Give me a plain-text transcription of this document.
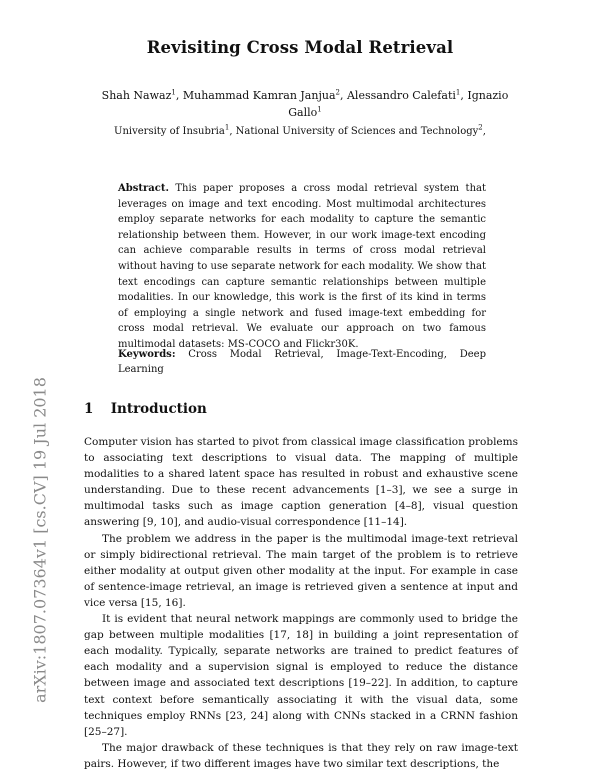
arXiv:1807.07364v1 [cs.CV] 19 Jul 2018
Revisiting Cross Modal Retrieval
Shah Nawaz$^1$, Muhammad Kamran Janjua$^2$, Alessandro Calefati$^1$, Ignazio Gallo$^1$
University of Insubria$^1$, National University of Sciences and Technology$^2$,
Abstract. This paper proposes a cross modal retrieval system that leverages on image and text encoding. Most multimodal architectures employ separate networks for each modality to capture the semantic relationship between them. However, in our work image-text encoding can achieve comparable results in terms of cross modal retrieval without having to use separate network for each modality. We show that text encodings can capture semantic relationships between multiple modalities. In our knowledge, this work is the first of its kind in terms of employing a single network and fused image-text embedding for cross modal retrieval. We evaluate our approach on two famous multimodal datasets: MS-COCO and Flickr30K.
Keywords: Cross Modal Retrieval, Image-Text-Encoding, Deep Learning
1 Introduction

Computer vision has started to pivot from classical image classification problems to associating text descriptions to visual data. The mapping of multiple modalities to a shared latent space has resulted in robust and exhaustive scene understanding. Due to these recent advancements [1–3], we see a surge in multimodal tasks such as image caption generation [4–8], visual question answering [9, 10], and audio-visual correspondence [11–14].

The problem we address in the paper is the multimodal image-text retrieval or simply bidirectional retrieval. The main target of the problem is to retrieve either modality at output given other modality at the input. For example in case of sentence-image retrieval, an image is retrieved given a sentence at input and vice versa [15, 16].

It is evident that neural network mappings are commonly used to bridge the gap between multiple modalities [17, 18] in building a joint representation of each modality. Typically, separate networks are trained to predict features of each modality and a supervision signal is employed to reduce the distance between image and associated text descriptions [19–22]. In addition, to capture text context before semantically associating it with the visual data, some techniques employ RNNs [23, 24] along with CNNs stacked in a CRNN fashion [25–27].

The major drawback of these techniques is that they rely on raw image-text pairs. However, if two different images have two similar text descriptions, the
